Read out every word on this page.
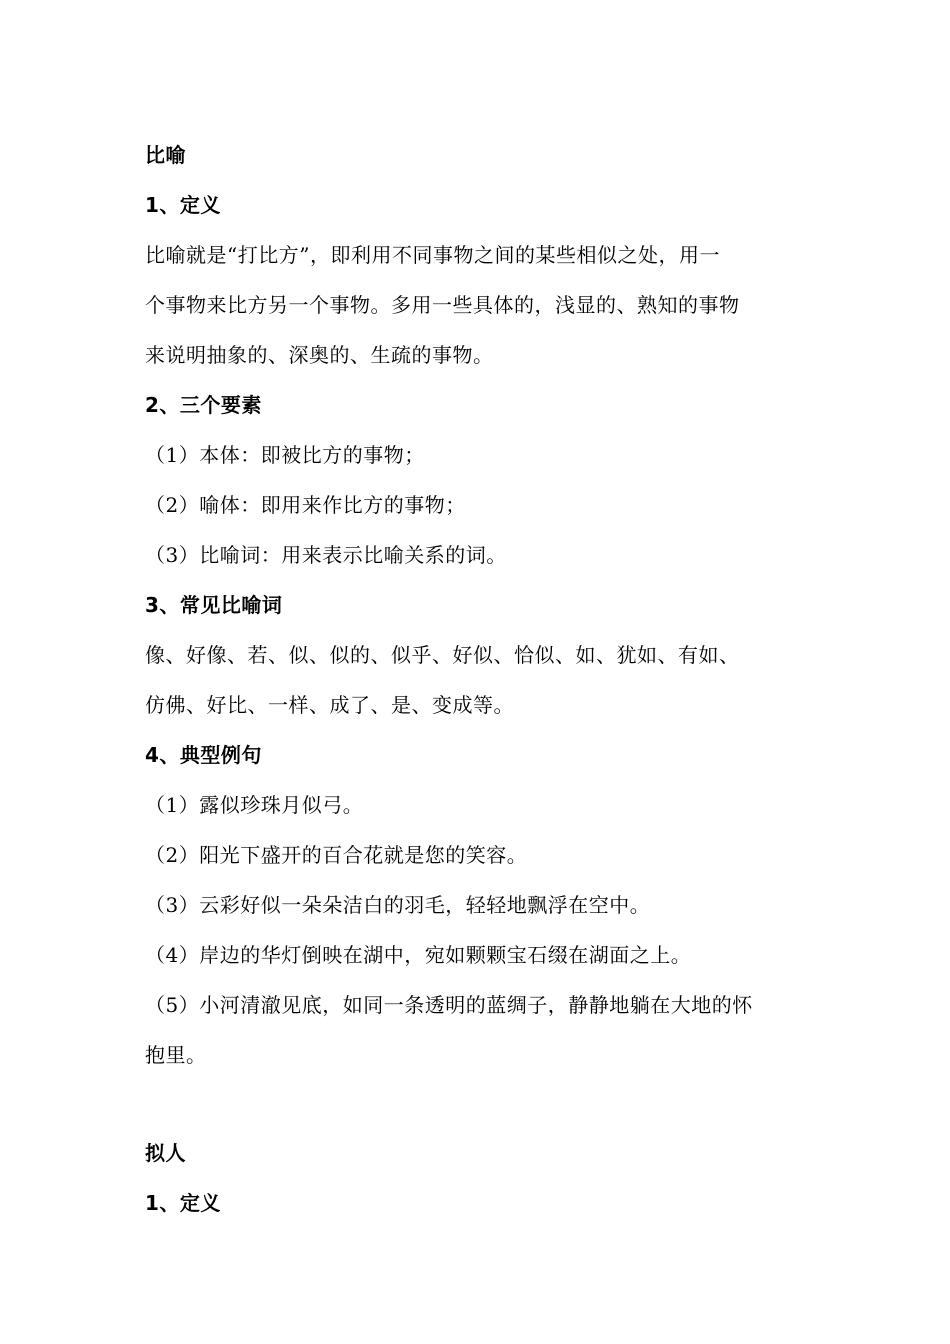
比喻
1、定义
比喻就是“打比方”，即利用不同事物之间的某些相似之处，用一
个事物来比方另一个事物。多用一些具体的，浅显的、熟知的事物
来说明抽象的、深奥的、生疏的事物。
2、三个要素
（1）本体：即被比方的事物；
（2）喻体：即用来作比方的事物；
（3）比喻词：用来表示比喻关系的词。
3、常见比喻词
像、好像、若、似、似的、似乎、好似、恰似、如、犹如、有如、
仿佛、好比、一样、成了、是、变成等。
4、典型例句
（1）露似珍珠月似弓。
（2）阳光下盛开的百合花就是您的笑容。
（3）云彩好似一朵朵洁白的羽毛，轻轻地飘浮在空中。
（4）岸边的华灯倒映在湖中，宛如颗颗宝石缀在湖面之上。
（5）小河清澈见底，如同一条透明的蓝绸子，静静地躺在大地的怀
抱里。
拟人
1、定义
